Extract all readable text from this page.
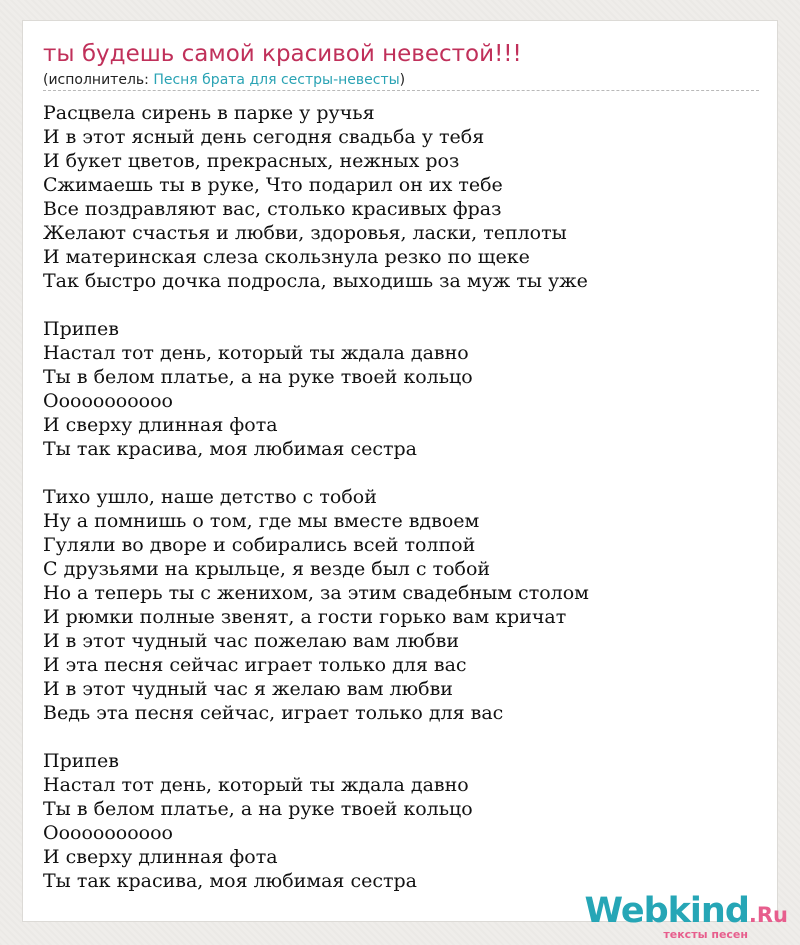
ты будешь самой красивой невестой!!!
(исполнитель: Песня брата для сестры-невесты)
Расцвела сирень в парке у ручья
И в этот ясный день сегодня свадьба у тебя
И букет цветов, прекрасных, нежных роз
Сжимаешь ты в руке, Что подарил он их тебе
Все поздравляют вас, столько красивых фраз
Желают счастья и любви, здоровья, ласки, теплоты
И материнская слеза скользнула резко по щеке
Так быстро дочка подросла, выходишь за муж ты уже
Припев
Настал тот день, который ты ждала давно
Ты в белом платье, а на руке твоей кольцо
Ооооооооооо
И сверху длинная фота
Ты так красива, моя любимая сестра
Тихо ушло, наше детство с тобой
Ну а помнишь о том, где мы вместе вдвоем
Гуляли во дворе и собирались всей толпой
С друзьями на крыльце, я везде был с тобой
Но а теперь ты с женихом, за этим свадебным столом
И рюмки полные звенят, а гости горько вам кричат
И в этот чудный час пожелаю вам любви
И эта песня сейчас играет только для вас
И в этот чудный час я желаю вам любви
Ведь эта песня сейчас, играет только для вас
Припев
Настал тот день, который ты ждала давно
Ты в белом платье, а на руке твоей кольцо
Ооооооооооо
И сверху длинная фота
Ты так красива, моя любимая сестра
Webkind.Ru
тексты песен
